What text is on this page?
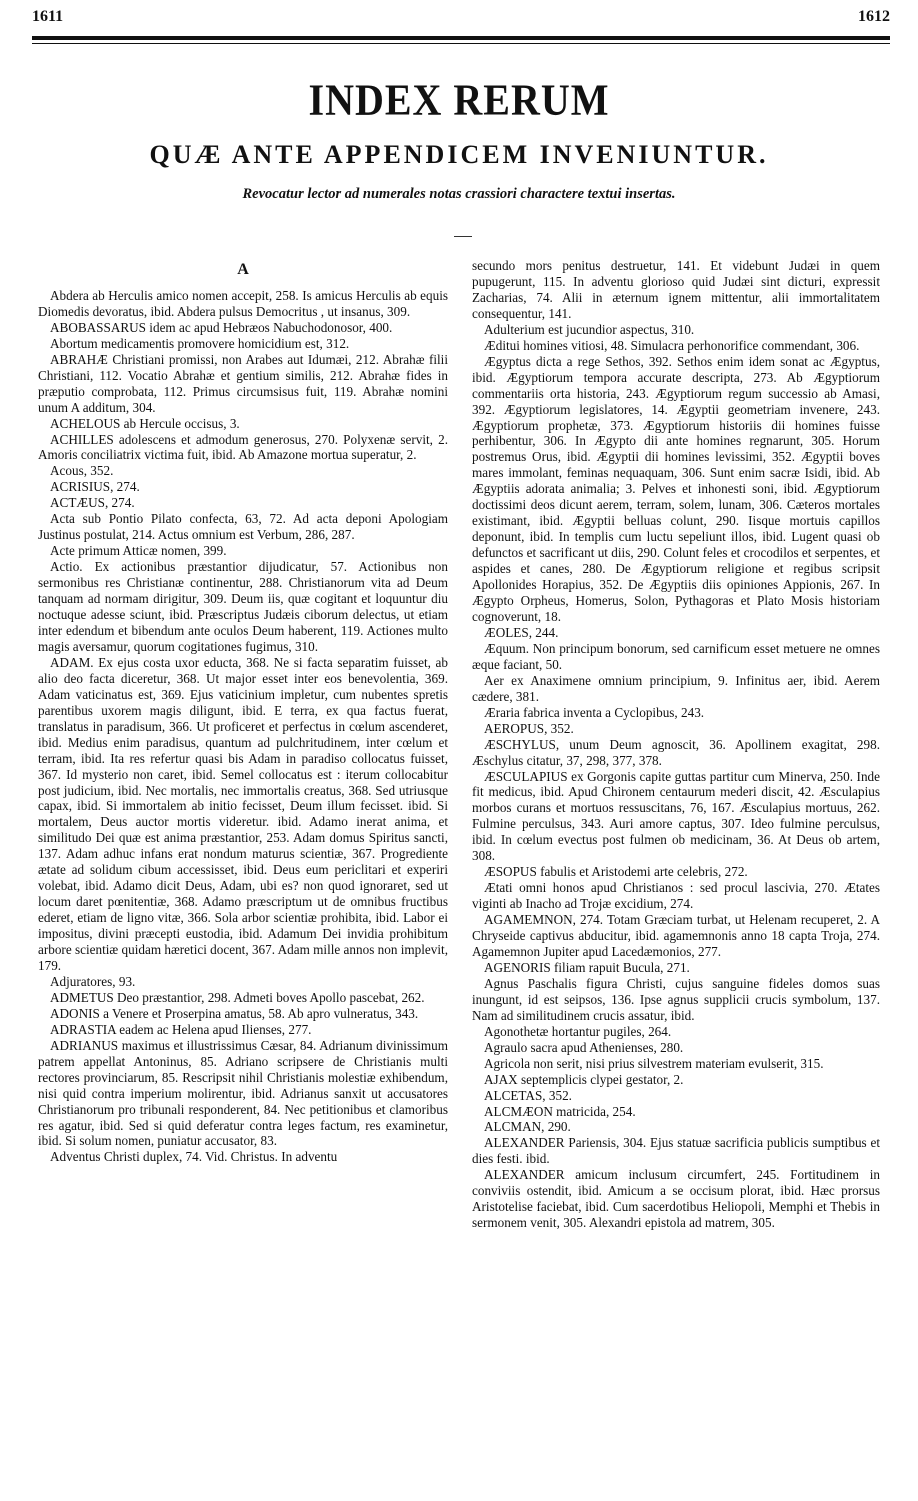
1611	1612
INDEX RERUM
QUÆ ANTE APPENDICEM INVENIUNTUR.
Revocatur lector ad numerales notas crassiori charactere textui insertas.

A

Abdera ab Herculis amico nomen accepit, 258. Is amicus Herculis ab equis Diomedis devoratus, ibid. Abdera pulsus Democritus , ut insanus, 309.

ABOBASSARUS idem ac apud Hebræos Nabuchodonosor, 400.

Abortum medicamentis promovere homicidium est, 312.

ABRAHÆ Christiani promissi, non Arabes aut Idumæi, 212. Abrahæ filii Christiani, 112. Vocatio Abrahæ et gentium similis, 212. Abrahæ fides in præputio comprobata, 112. Primus circumsisus fuit, 119. Abrahæ nomini unum A additum, 304.

ACHELOUS ab Hercule occisus, 3.

ACHILLES adolescens et admodum generosus, 270. Polyxenæ servit, 2. Amoris conciliatrix victima fuit, ibid. Ab Amazone mortua superatur, 2.

Acous, 352.

ACRISIUS, 274.

ACTÆUS, 274.

Acta sub Pontio Pilato confecta, 63, 72. Ad acta deponi Apologiam Justinus postulat, 214. Actus omnium est Verbum, 286, 287.

Acte primum Atticæ nomen, 399.

Actio. Ex actionibus præstantior dijudicatur, 57. Actionibus non sermonibus res Christianæ continentur, 288. Christianorum vita ad Deum tanquam ad normam dirigitur, 309. Deum iis, quæ cogitant et loquuntur diu noctuque adesse sciunt, ibid. Præscriptus Judæis ciborum delectus, ut etiam inter edendum et bibendum ante oculos Deum haberent, 119. Actiones multo magis aversamur, quorum cogitationes fugimus, 310.

ADAM. Ex ejus costa uxor educta, 368. Ne si facta separatim fuisset, ab alio deo facta diceretur, 368. Ut major esset inter eos benevolentia, 369. Adam vaticinatus est, 369. Ejus vaticinium impletur, cum nubentes spretis parentibus uxorem magis diligunt, ibid. E terra, ex qua factus fuerat, translatus in paradisum, 366. Ut proficeret et perfectus in cœlum ascenderet, ibid. Medius enim paradisus, quantum ad pulchritudinem, inter cœlum et terram, ibid. Ita res refertur quasi bis Adam in paradiso collocatus fuisset, 367. Id mysterio non caret, ibid. Semel collocatus est : iterum collocabitur post judicium, ibid. Nec mortalis, nec immortalis creatus, 368. Sed utriusque capax, ibid. Si immortalem ab initio fecisset, Deum illum fecisset. ibid. Si mortalem, Deus auctor mortis videretur. ibid. Adamo inerat anima, et similitudo Dei quæ est anima præstantior, 253. Adam domus Spiritus sancti, 137. Adam adhuc infans erat nondum maturus scientiæ, 367. Progrediente ætate ad solidum cibum accessisset, ibid. Deus eum periclitari et experiri volebat, ibid. Adamo dicit Deus, Adam, ubi es? non quod ignoraret, sed ut locum daret pœnitentiæ, 368. Adamo præscriptum ut de omnibus fructibus ederet, etiam de ligno vitæ, 366. Sola arbor scientiæ prohibita, ibid. Labor ei impositus, divini præcepti eustodia, ibid. Adamum Dei invidia prohibitum arbore scientiæ quidam hæretici docent, 367. Adam mille annos non implevit, 179.

Adjuratores, 93.

ADMETUS Deo præstantior, 298. Admeti boves Apollo pascebat, 262.

ADONIS a Venere et Proserpina amatus, 58. Ab apro vulneratus, 343.

ADRASTIA eadem ac Helena apud Ilienses, 277.

ADRIANUS maximus et illustrissimus Cæsar, 84. Adrianum divinissimum patrem appellat Antoninus, 85. Adriano scripsere de Christianis multi rectores provinciarum, 85. Rescripsit nihil Christianis molestiæ exhibendum, nisi quid contra imperium molirentur, ibid. Adrianus sanxit ut accusatores Christianorum pro tribunali responderent, 84. Nec petitionibus et clamoribus res agatur, ibid. Sed si quid deferatur contra leges factum, res examinetur, ibid. Si solum nomen, puniatur accusator, 83.

Adventus Christi duplex, 74. Vid. Christus. In adventu

secundo mors penitus destruetur, 141. Et videbunt Judæi in quem pupugerunt, 115. In adventu glorioso quid Judæi sint dicturi, expressit Zacharias, 74. Alii in æternum ignem mittentur, alii immortalitatem consequentur, 141.

Adulterium est jucundior aspectus, 310.

Æditui homines vitiosi, 48. Simulacra perhonorifice commendant, 306.

Ægyptus dicta a rege Sethos, 392. Sethos enim idem sonat ac Ægyptus, ibid. Ægyptiorum tempora accurate descripta, 273. Ab Ægyptiorum commentariis orta historia, 243. Ægyptiorum regum successio ab Amasi, 392. Ægyptiorum legislatores, 14. Ægyptii geometriam invenere, 243. Ægyptiorum prophetæ, 373. Ægyptiorum historiis dii homines fuisse perhibentur, 306. In Ægypto dii ante homines regnarunt, 305. Horum postremus Orus, ibid. Ægyptii dii homines levissimi, 352. Ægyptii boves mares immolant, feminas nequaquam, 306. Sunt enim sacræ Isidi, ibid. Ab Ægyptiis adorata animalia; 3. Pelves et inhonesti soni, ibid. Ægyptiorum doctissimi deos dicunt aerem, terram, solem, lunam, 306. Cæteros mortales existimant, ibid. Ægyptii belluas colunt, 290. Iisque mortuis capillos deponunt, ibid. In templis cum luctu sepeliunt illos, ibid. Lugent quasi ob defunctos et sacrificant ut diis, 290. Colunt feles et crocodilos et serpentes, et aspides et canes, 280. De Ægyptiorum religione et regibus scripsit Apollonides Horapius, 352. De Ægyptiis diis opiniones Appionis, 267. In Ægypto Orpheus, Homerus, Solon, Pythagoras et Plato Mosis historiam cognoverunt, 18.

ÆOLES, 244.

Æquum. Non principum bonorum, sed carnificum esset metuere ne omnes æque faciant, 50.

Aer ex Anaximene omnium principium, 9. Infinitus aer, ibid. Aerem cædere, 381.

Æraria fabrica inventa a Cyclopibus, 243.

AEROPUS, 352.

ÆSCHYLUS, unum Deum agnoscit, 36. Apollinem exagitat, 298. Æschylus citatur, 37, 298, 377, 378.

ÆSCULAPIUS ex Gorgonis capite guttas partitur cum Minerva, 250. Inde fit medicus, ibid. Apud Chironem centaurum mederi discit, 42. Æsculapius morbos curans et mortuos ressuscitans, 76, 167. Æsculapius mortuus, 262. Fulmine perculsus, 343. Auri amore captus, 307. Ideo fulmine perculsus, ibid. In cœlum evectus post fulmen ob medicinam, 36. At Deus ob artem, 308.

ÆSOPUS fabulis et Aristodemi arte celebris, 272.

Ætati omni honos apud Christianos : sed procul lascivia, 270. Ætates viginti ab Inacho ad Trojæ excidium, 274.

AGAMEMNON, 274. Totam Græciam turbat, ut Helenam recuperet, 2. A Chryseide captivus abducitur, ibid. agamemnonis anno 18 capta Troja, 274. Agamemnon Jupiter apud Lacedæmonios, 277.

AGENORIS filiam rapuit Bucula, 271.

Agnus Paschalis figura Christi, cujus sanguine fideles domos suas inungunt, id est seipsos, 136. Ipse agnus supplicii crucis symbolum, 137. Nam ad similitudinem crucis assatur, ibid.

Agonothetæ hortantur pugiles, 264.

Agraulo sacra apud Athenienses, 280.

Agricola non serit, nisi prius silvestrem materiam evulserit, 315.

AJAX septemplicis clypei gestator, 2.

ALCETAS, 352.

ALCMÆON matricida, 254.

ALCMAN, 290.

ALEXANDER Pariensis, 304. Ejus statuæ sacrificia publicis sumptibus et dies festi. ibid.

ALEXANDER amicum inclusum circumfert, 245. Fortitudinem in conviviis ostendit, ibid. Amicum a se occisum plorat, ibid. Hæc prorsus Aristotelise faciebat, ibid. Cum sacerdotibus Heliopoli, Memphi et Thebis in sermonem venit, 305. Alexandri epistola ad matrem, 305.
